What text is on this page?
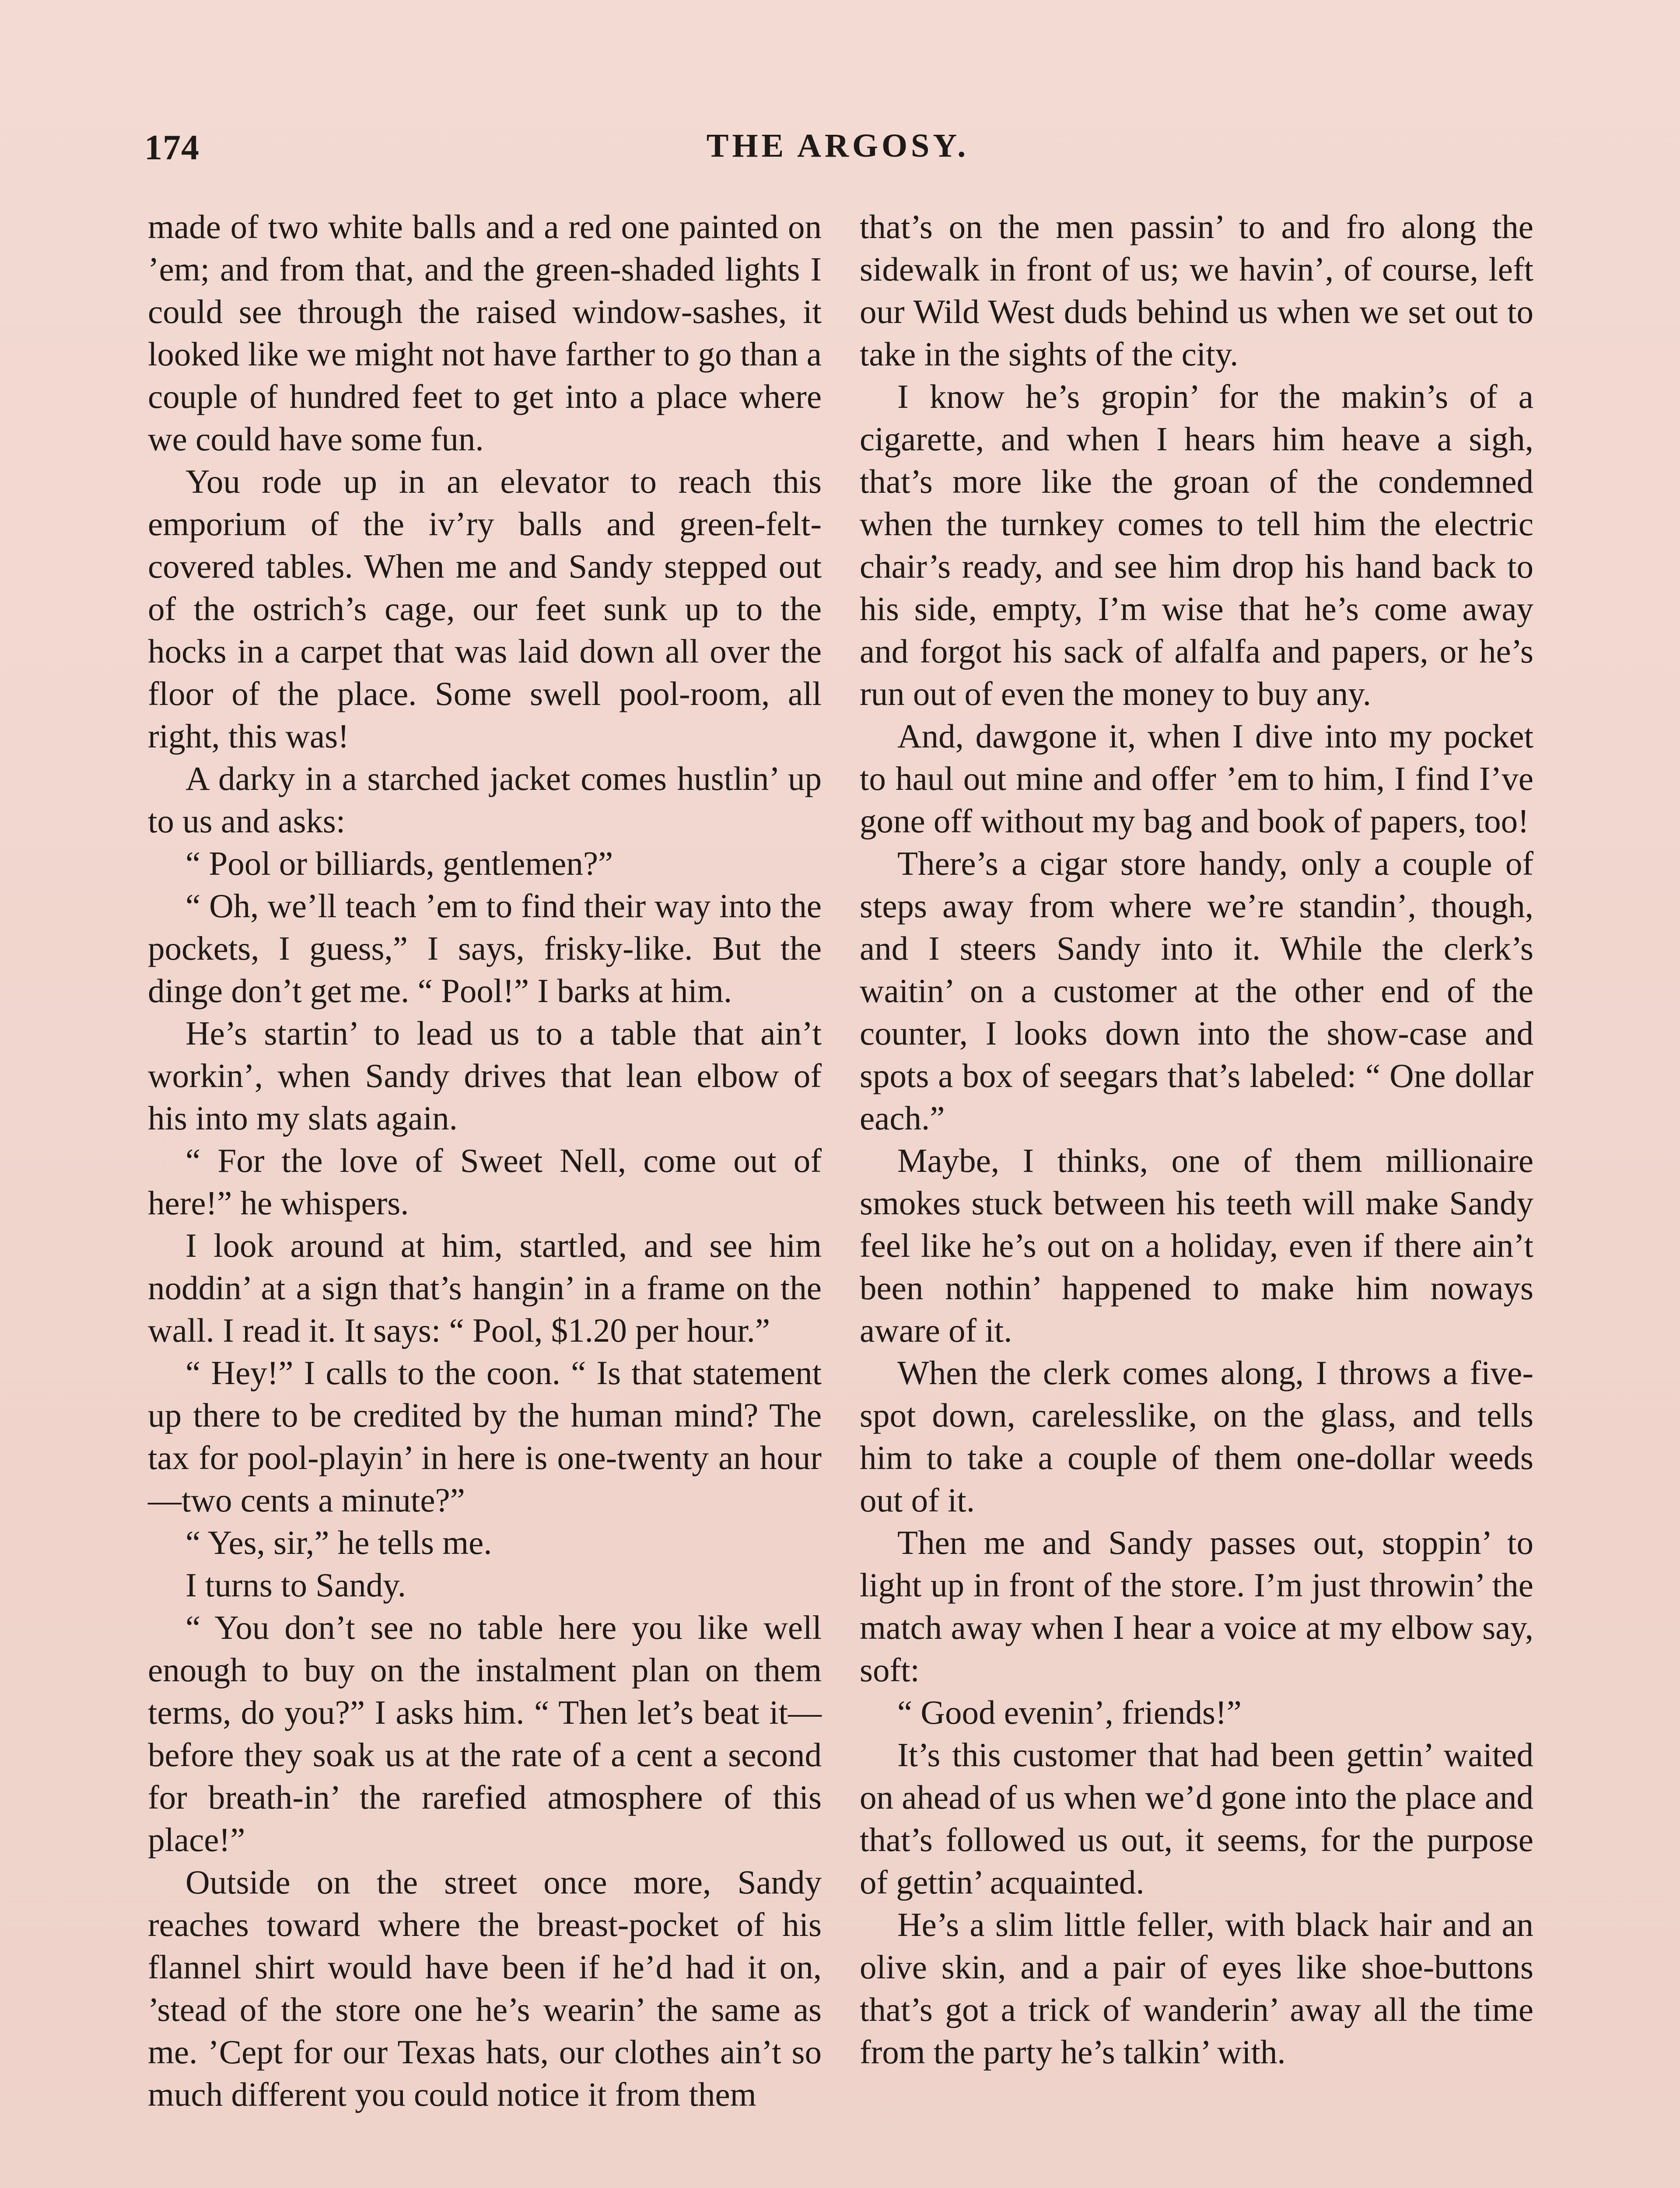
174	THE ARGOSY.

made of two white balls and a red one painted on ’em; and from that, and the green-shaded lights I could see through the raised window-sashes, it looked like we might not have farther to go than a couple of hundred feet to get into a place where we could have some fun.

You rode up in an elevator to reach this emporium of the iv’ry balls and green-felt-covered tables. When me and Sandy stepped out of the ostrich’s cage, our feet sunk up to the hocks in a carpet that was laid down all over the floor of the place. Some swell pool-room, all right, this was!

A darky in a starched jacket comes hustlin’ up to us and asks:

“ Pool or billiards, gentlemen?”

“ Oh, we’ll teach ’em to find their way into the pockets, I guess,” I says, frisky-like. But the dinge don’t get me. “ Pool!” I barks at him.

He’s startin’ to lead us to a table that ain’t workin’, when Sandy drives that lean elbow of his into my slats again.

“ For the love of Sweet Nell, come out of here!” he whispers.

I look around at him, startled, and see him noddin’ at a sign that’s hangin’ in a frame on the wall. I read it. It says: “ Pool, $1.20 per hour.”

“ Hey!” I calls to the coon. “ Is that statement up there to be credited by the human mind? The tax for pool-playin’ in here is one-twenty an hour—two cents a minute?”

“ Yes, sir,” he tells me.

I turns to Sandy.

“ You don’t see no table here you like well enough to buy on the instalment plan on them terms, do you?” I asks him. “ Then let’s beat it—before they soak us at the rate of a cent a second for breath-in’ the rarefied atmosphere of this place!”

Outside on the street once more, Sandy reaches toward where the breast-pocket of his flannel shirt would have been if he’d had it on, ’stead of the store one he’s wearin’ the same as me. ’Cept for our Texas hats, our clothes ain’t so much different you could notice it from them

that’s on the men passin’ to and fro along the sidewalk in front of us; we havin’, of course, left our Wild West duds behind us when we set out to take in the sights of the city.

I know he’s gropin’ for the makin’s of a cigarette, and when I hears him heave a sigh, that’s more like the groan of the condemned when the turnkey comes to tell him the electric chair’s ready, and see him drop his hand back to his side, empty, I’m wise that he’s come away and forgot his sack of alfalfa and papers, or he’s run out of even the money to buy any.

And, dawgone it, when I dive into my pocket to haul out mine and offer ’em to him, I find I’ve gone off without my bag and book of papers, too!

There’s a cigar store handy, only a couple of steps away from where we’re standin’, though, and I steers Sandy into it. While the clerk’s waitin’ on a customer at the other end of the counter, I looks down into the show-case and spots a box of seegars that’s labeled: “ One dollar each.”

Maybe, I thinks, one of them millionaire smokes stuck between his teeth will make Sandy feel like he’s out on a holiday, even if there ain’t been nothin’ happened to make him noways aware of it.

When the clerk comes along, I throws a five-spot down, carelesslike, on the glass, and tells him to take a couple of them one-dollar weeds out of it.

Then me and Sandy passes out, stoppin’ to light up in front of the store. I’m just throwin’ the match away when I hear a voice at my elbow say, soft:

“ Good evenin’, friends!”

It’s this customer that had been gettin’ waited on ahead of us when we’d gone into the place and that’s followed us out, it seems, for the purpose of gettin’ acquainted.

He’s a slim little feller, with black hair and an olive skin, and a pair of eyes like shoe-buttons that’s got a trick of wanderin’ away all the time from the party he’s talkin’ with.
